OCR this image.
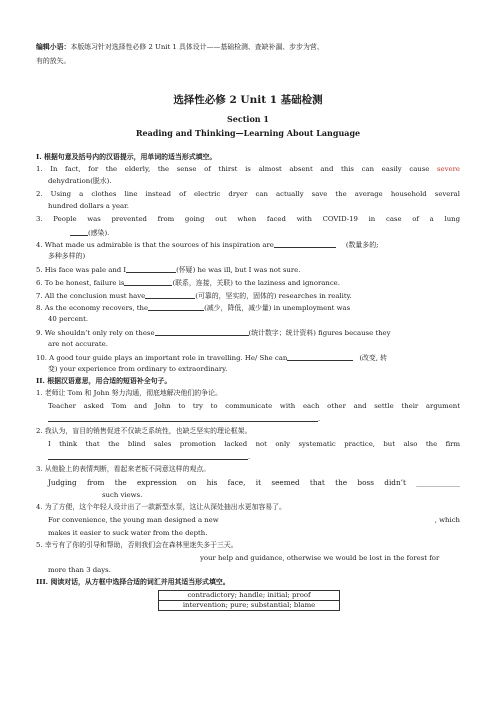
编辑小语：本版练习针对选择性必修 2 Unit 1 具体设计——基础检测、查缺补漏、步步为营、
有的放矢。
选择性必修 2 Unit 1 基础检测
Section 1
Reading and Thinking—Learning About Language
I. 根据句意及括号内的汉语提示，用单词的适当形式填空。
1. In fact, for the elderly, the sense of thirst is almost absent and this can easily cause severe
dehydration(脱水).
2. Using a clothes line instead of electric dryer can actually save the average household several
hundred dollars a year.
3. People was prevented from going out when faced with COVID-19 in case of a lung
(感染).
4. What made us admirable is that the sources of his inspiration are	(数量多的;
多种多样的)
5. His face was pale and I	(怀疑) he was ill, but I was not sure.
6. To be honest, failure is	(联系，连接，关联) to the laziness and ignorance.
7. All the conclusion must have	(可靠的，坚实的，固体的) researches in reality.
8. As the economy recovers, the	(减少，降低，减少量) in unemployment was
40 percent.
9. We shouldn’t only rely on these	(统计数字；统计资料) figures because they
are not accurate.
10. A good tour guide plays an important role in travelling. He/ She can	(改变, 转
变) your experience from ordinary to extraordinary.
II. 根据汉语意思，用合适的短语补全句子。
1. 老师让 Tom 和 John 努力沟通，彻底地解决他们的争论。
Teacher asked Tom and John to try to communicate with each other and settle their argument
.
2. 我认为，盲目的销售促进不仅缺乏系统性，也缺乏坚实的理论框架。
I think that the blind sales promotion lacked not only systematic practice, but also the firm
.
3. 从他脸上的表情判断，看起来老板不同意这样的观点。
Judging from the expression on his face, it seemed that the boss didn’t ____________
such views.
4. 为了方便，这个年轻人设计出了一款新型水泵，这让从深处抽出水更加容易了。
For convenience, the young man designed a new	, which
makes it easier to suck water from the depth.
5. 幸亏有了你的引导和帮助，否则我们会在森林里迷失多于三天。
your help and guidance, otherwise we would be lost in the forest for
more than 3 days.
III. 阅读对话，从方框中选择合适的词汇并用其适当形式填空。
contradictory; handle; initial; proof
intervention; pure; substantial; blame
